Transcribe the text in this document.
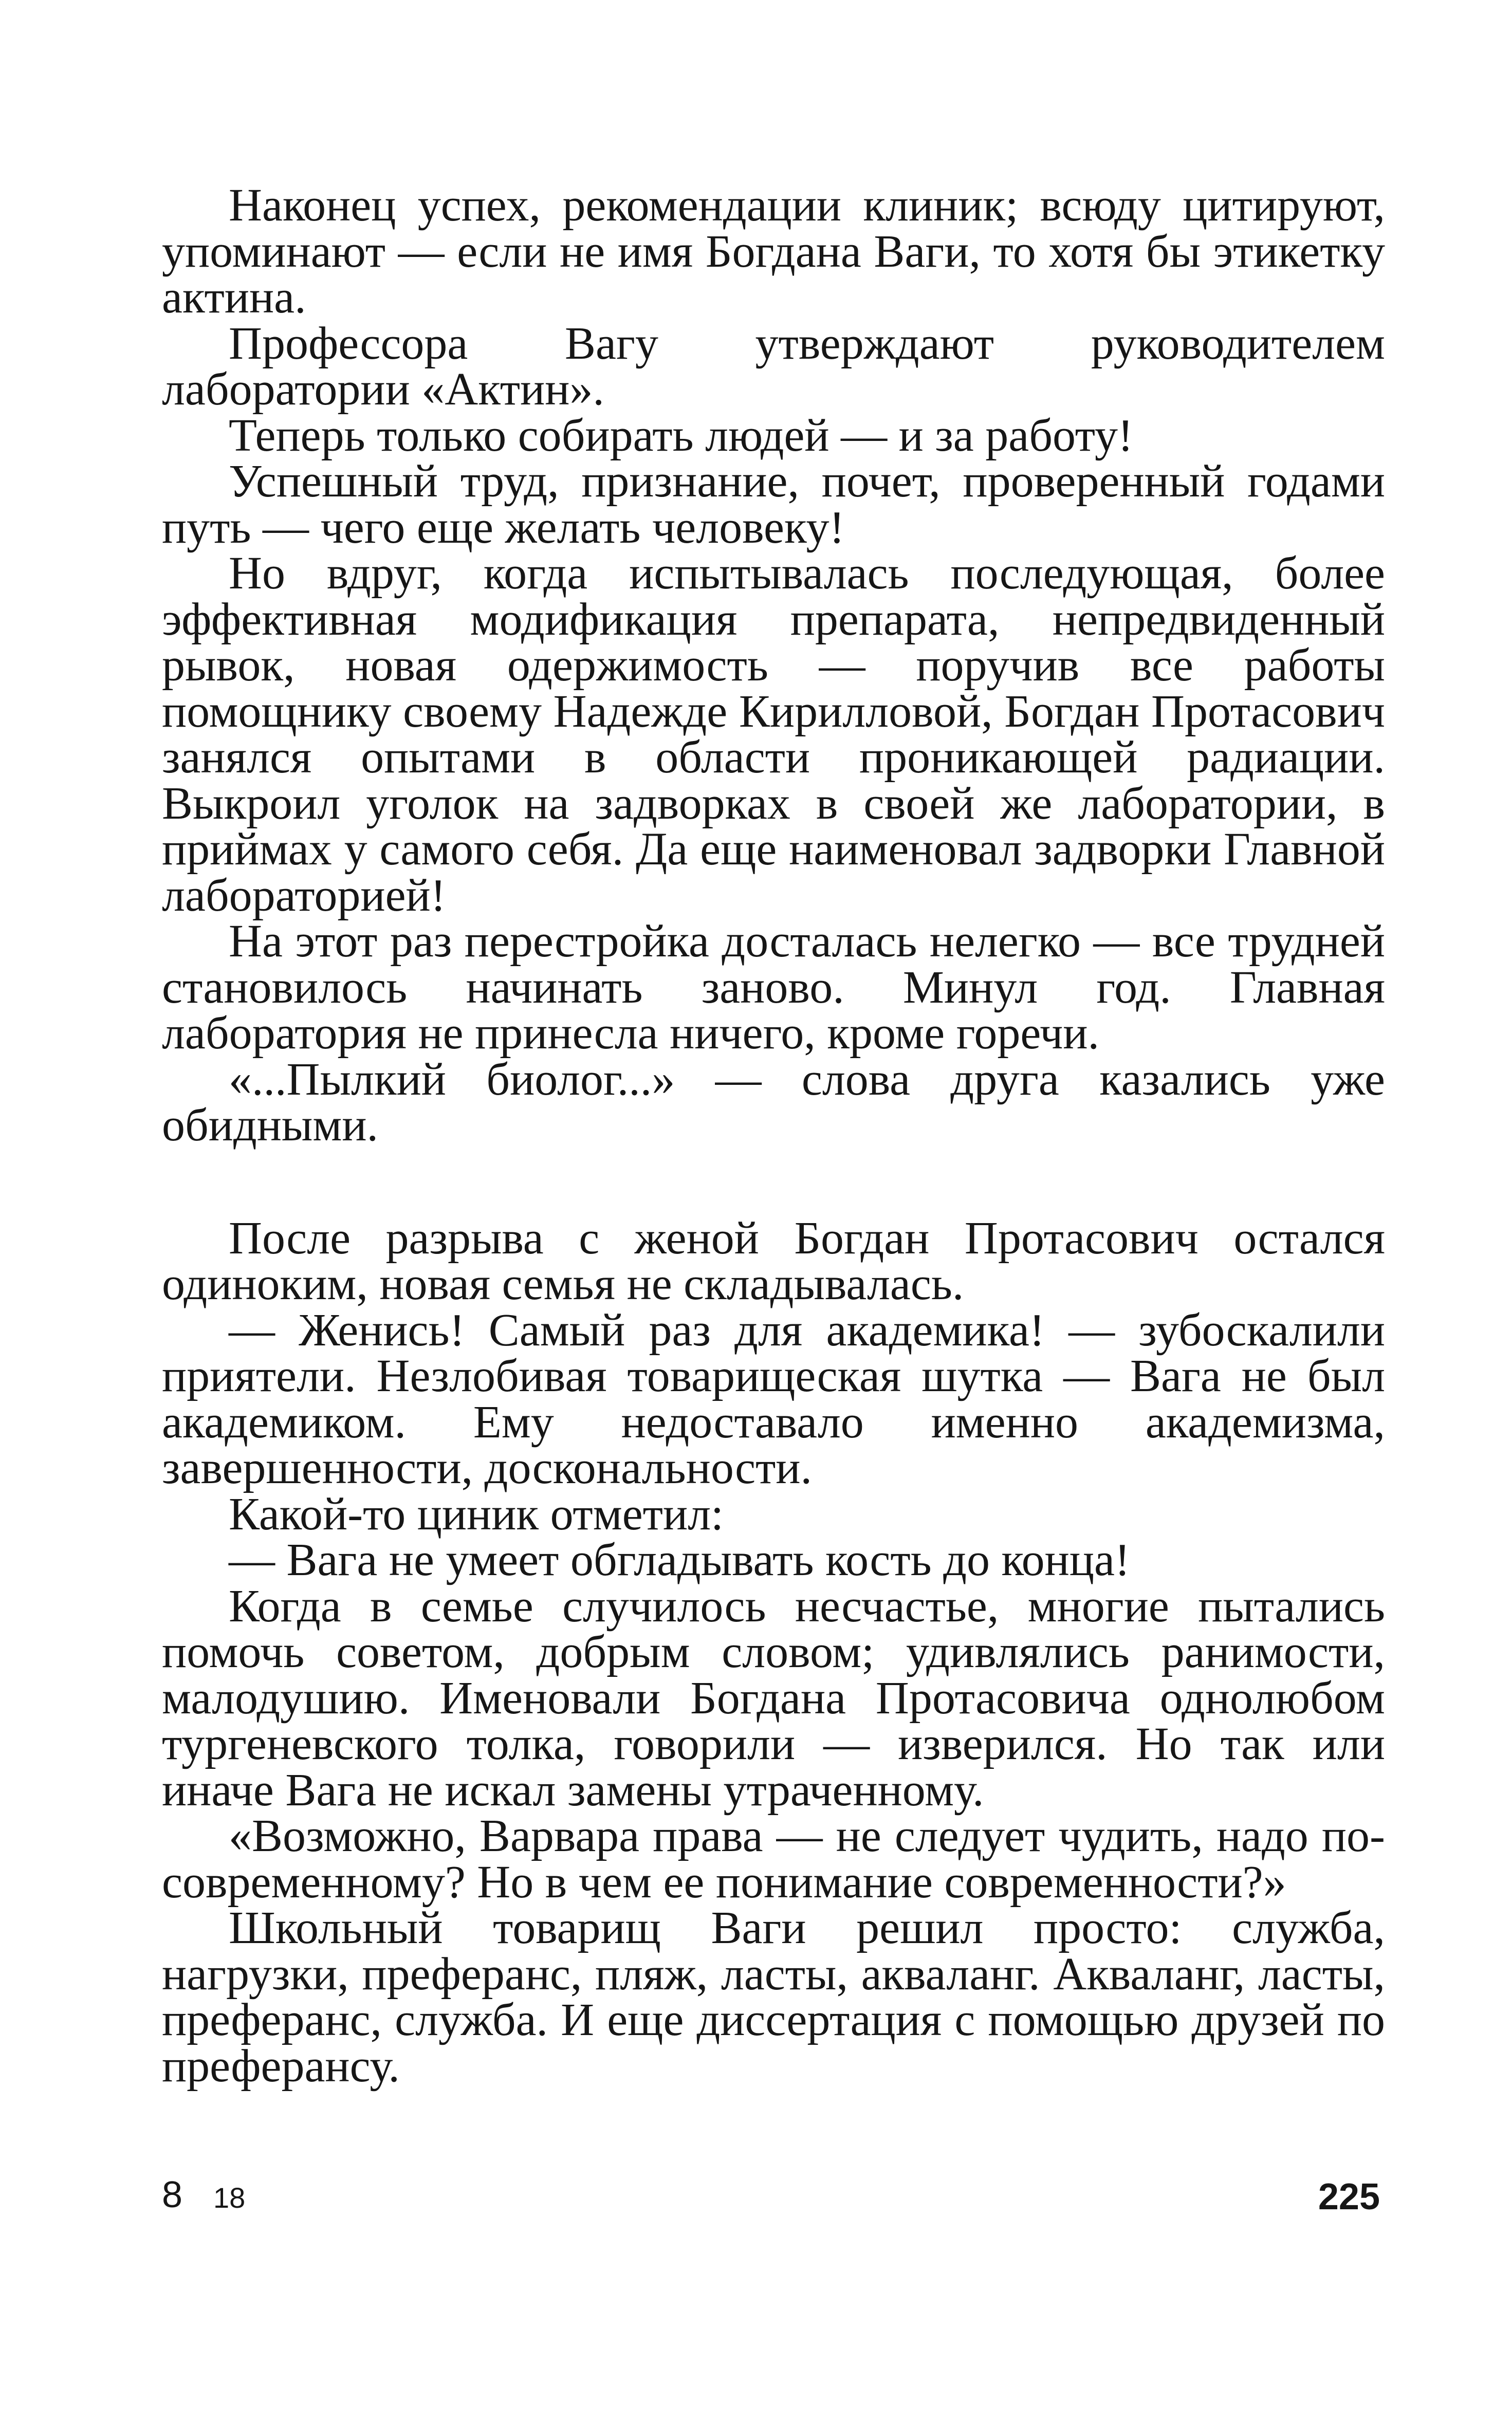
Наконец успех, рекомендации клиник; всюду цитируют, упоминают — если не имя Богдана Ваги, то хотя бы этикетку актина.

Профессора Вагу утверждают руководителем лаборатории «Актин».

Теперь только собирать людей — и за работу!

Успешный труд, признание, почет, проверенный годами путь — чего еще желать человеку!

Но вдруг, когда испытывалась последующая, более эффективная модификация препарата, непредвиденный рывок, новая одержимость — поручив все работы помощнику своему Надежде Кирилловой, Богдан Протасович занялся опытами в области проникающей радиации. Выкроил уголок на задворках в своей же лаборатории, в приймах у самого себя. Да еще наименовал задворки Главной лабораторией!

На этот раз перестройка досталась нелегко — все трудней становилось начинать заново. Минул год. Главная лаборатория не принесла ничего, кроме горечи.

«...Пылкий биолог...» — слова друга казались уже обидными.

После разрыва с женой Богдан Протасович остался одиноким, новая семья не складывалась.

— Женись! Самый раз для академика! — зубоскалили приятели. Незлобивая товарищеская шутка — Вага не был академиком. Ему недоставало именно академизма, завершенности, доскональности.

Какой-то циник отметил:

— Вага не умеет обгладывать кость до конца!

Когда в семье случилось несчастье, многие пытались помочь советом, добрым словом; удивлялись ранимости, малодушию. Именовали Богдана Протасовича однолюбом тургеневского толка, говорили — изверился. Но так или иначе Вага не искал замены утраченному.

«Возможно, Варвара права — не следует чудить, надо по-современному? Но в чем ее понимание современности?»

Школьный товарищ Ваги решил просто: служба, нагрузки, преферанс, пляж, ласты, акваланг. Акваланг, ласты, преферанс, служба. И еще диссертация с помощью друзей по преферансу.

8 18	225
